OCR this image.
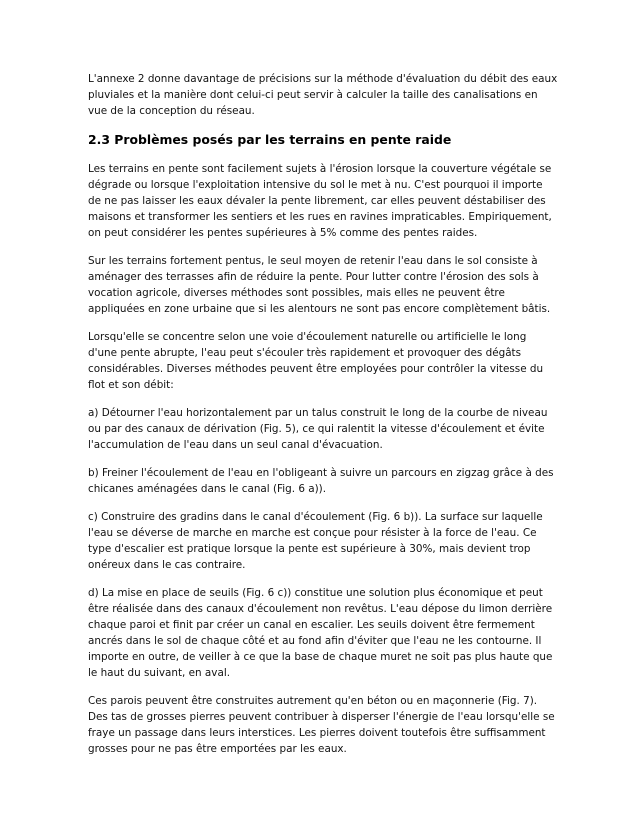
L'annexe 2 donne davantage de précisions sur la méthode d'évaluation du débit des eaux pluviales et la manière dont celui-ci peut servir à calculer la taille des canalisations en vue de la conception du réseau.

2.3 Problèmes posés par les terrains en pente raide

Les terrains en pente sont facilement sujets à l'érosion lorsque la couverture végétale se dégrade ou lorsque l'exploitation intensive du sol le met à nu. C'est pourquoi il importe de ne pas laisser les eaux dévaler la pente librement, car elles peuvent déstabiliser des maisons et transformer les sentiers et les rues en ravines impraticables. Empiriquement, on peut considérer les pentes supérieures à 5% comme des pentes raides.

Sur les terrains fortement pentus, le seul moyen de retenir l'eau dans le sol consiste à aménager des terrasses afin de réduire la pente. Pour lutter contre l'érosion des sols à vocation agricole, diverses méthodes sont possibles, mais elles ne peuvent être appliquées en zone urbaine que si les alentours ne sont pas encore complètement bâtis.

Lorsqu'elle se concentre selon une voie d'écoulement naturelle ou artificielle le long d'une pente abrupte, l'eau peut s'écouler très rapidement et provoquer des dégâts considérables. Diverses méthodes peuvent être employées pour contrôler la vitesse du flot et son débit:

a) Détourner l'eau horizontalement par un talus construit le long de la courbe de niveau ou par des canaux de dérivation (Fig. 5), ce qui ralentit la vitesse d'écoulement et évite l'accumulation de l'eau dans un seul canal d'évacuation.

b) Freiner l'écoulement de l'eau en l'obligeant à suivre un parcours en zigzag grâce à des chicanes aménagées dans le canal (Fig. 6 a)).

c) Construire des gradins dans le canal d'écoulement (Fig. 6 b)). La surface sur laquelle l'eau se déverse de marche en marche est conçue pour résister à la force de l'eau. Ce type d'escalier est pratique lorsque la pente est supérieure à 30%, mais devient trop onéreux dans le cas contraire.

d) La mise en place de seuils (Fig. 6 c)) constitue une solution plus économique et peut être réalisée dans des canaux d'écoulement non revêtus. L'eau dépose du limon derrière chaque paroi et finit par créer un canal en escalier. Les seuils doivent être fermement ancrés dans le sol de chaque côté et au fond afin d'éviter que l'eau ne les contourne. Il importe en outre, de veiller à ce que la base de chaque muret ne soit pas plus haute que le haut du suivant, en aval.

Ces parois peuvent être construites autrement qu'en béton ou en maçonnerie (Fig. 7). Des tas de grosses pierres peuvent contribuer à disperser l'énergie de l'eau lorsqu'elle se fraye un passage dans leurs interstices. Les pierres doivent toutefois être suffisamment grosses pour ne pas être emportées par les eaux.
